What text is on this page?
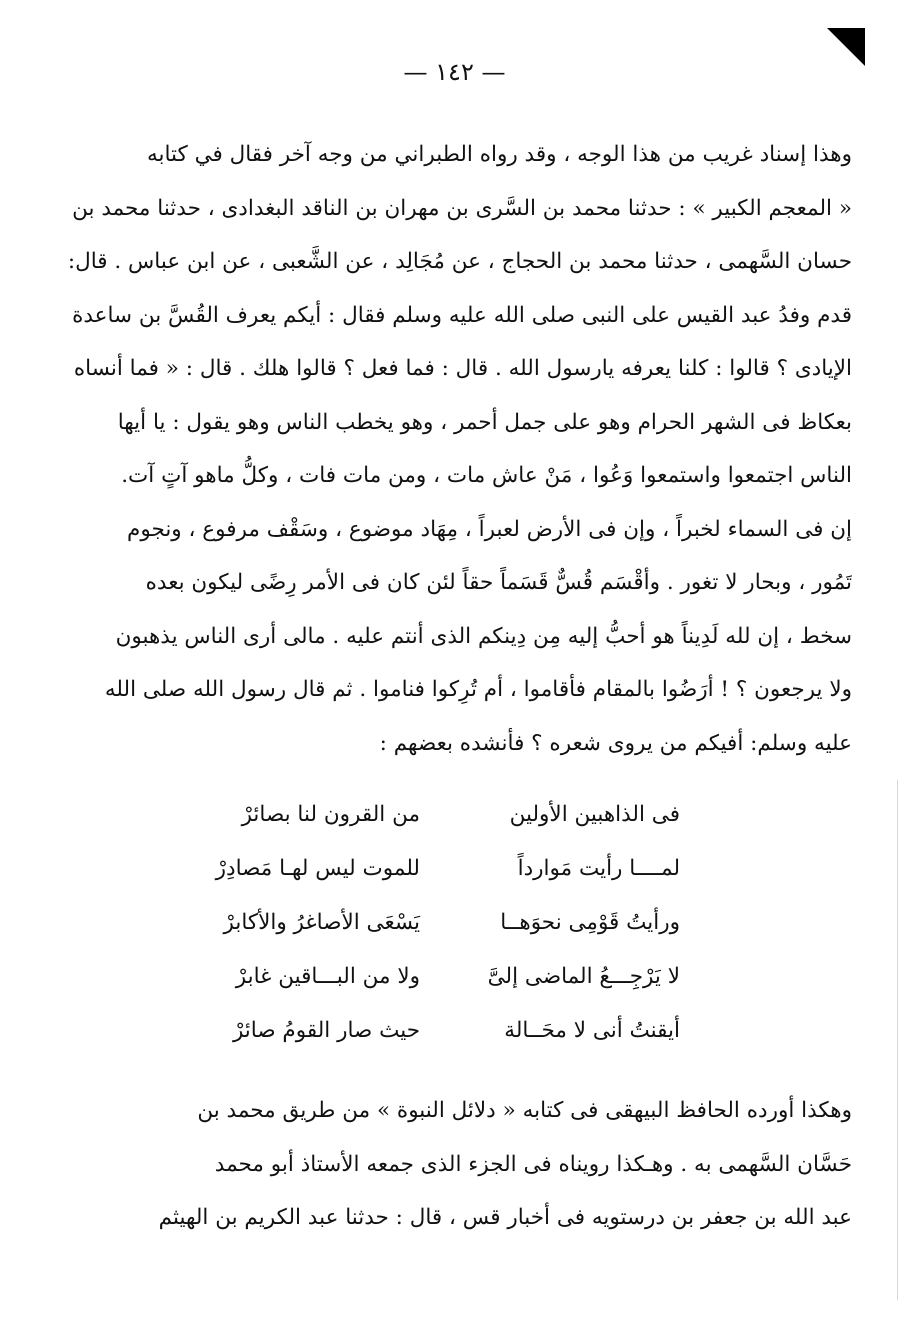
— ١٤٢ —
وهذا إسناد غريب من هذا الوجه ، وقد رواه الطبراني من وجه آخر فقال في كتابه
« المعجم الكبير » : حدثنا محمد بن السَّرى بن مهران بن الناقد البغدادى ، حدثنا محمد بن
حسان السَّهمى ، حدثنا محمد بن الحجاج ، عن مُجَالِد ، عن الشَّعبى ، عن ابن عباس . قال:
قدم وفدُ عبد القيس على النبى صلى الله عليه وسلم فقال : أيكم يعرف القُسَّ بن ساعدة
الإيادى ؟ قالوا : كلنا يعرفه يارسول الله . قال : فما فعل ؟ قالوا هلك . قال : « فما أنساه
بعكاظ فى الشهر الحرام وهو على جمل أحمر ، وهو يخطب الناس وهو يقول : يا أيها
الناس اجتمعوا واستمعوا وَعُوا ، مَنْ عاش مات ، ومن مات فات ، وكلُّ ماهو آتٍ آت.
إن فى السماء لخبراً ، وإن فى الأرض لعبراً ، مِهَاد موضوع ، وسَقْف مرفوع ، ونجوم
تَمُور ، وبحار لا تغور . وأقْسَم قُسٌّ قَسَماً حقاً لئن كان فى الأمر رِضًى ليكون بعده
سخط ، إن لله لَدِيناً هو أحبُّ إليه مِن دِينكم الذى أنتم عليه . مالى أرى الناس يذهبون
ولا يرجعون ؟ ! أرَضُوا بالمقام فأقاموا ، أم تُرِكوا فناموا . ثم قال رسول الله صلى الله
عليه وسلم: أفيكم من يروى شعره ؟ فأنشده بعضهم :
فى الذاهبين الأولين
من القرون لنا بصائرْ
لمــــا رأيت مَوارداً
للموت ليس لهـا مَصادِرْ
ورأيتُ قَوْمِى نحوَهــا
يَسْعَى الأصاغرُ والأكابرْ
لا يَرْجِـــعُ الماضى إلىَّ
ولا من البـــاقين غابرْ
أيقنتُ أنى لا محَــالة
حيث صار القومُ صائرْ
وهكذا أورده الحافظ البيهقى فى كتابه « دلائل النبوة » من طريق محمد بن
حَسَّان السَّهمى به . وهـكذا رويناه فى الجزء الذى جمعه الأستاذ أبو محمد
عبد الله بن جعفر بن درستويه فى أخبار قس ، قال : حدثنا عبد الكريم بن الهيثم
